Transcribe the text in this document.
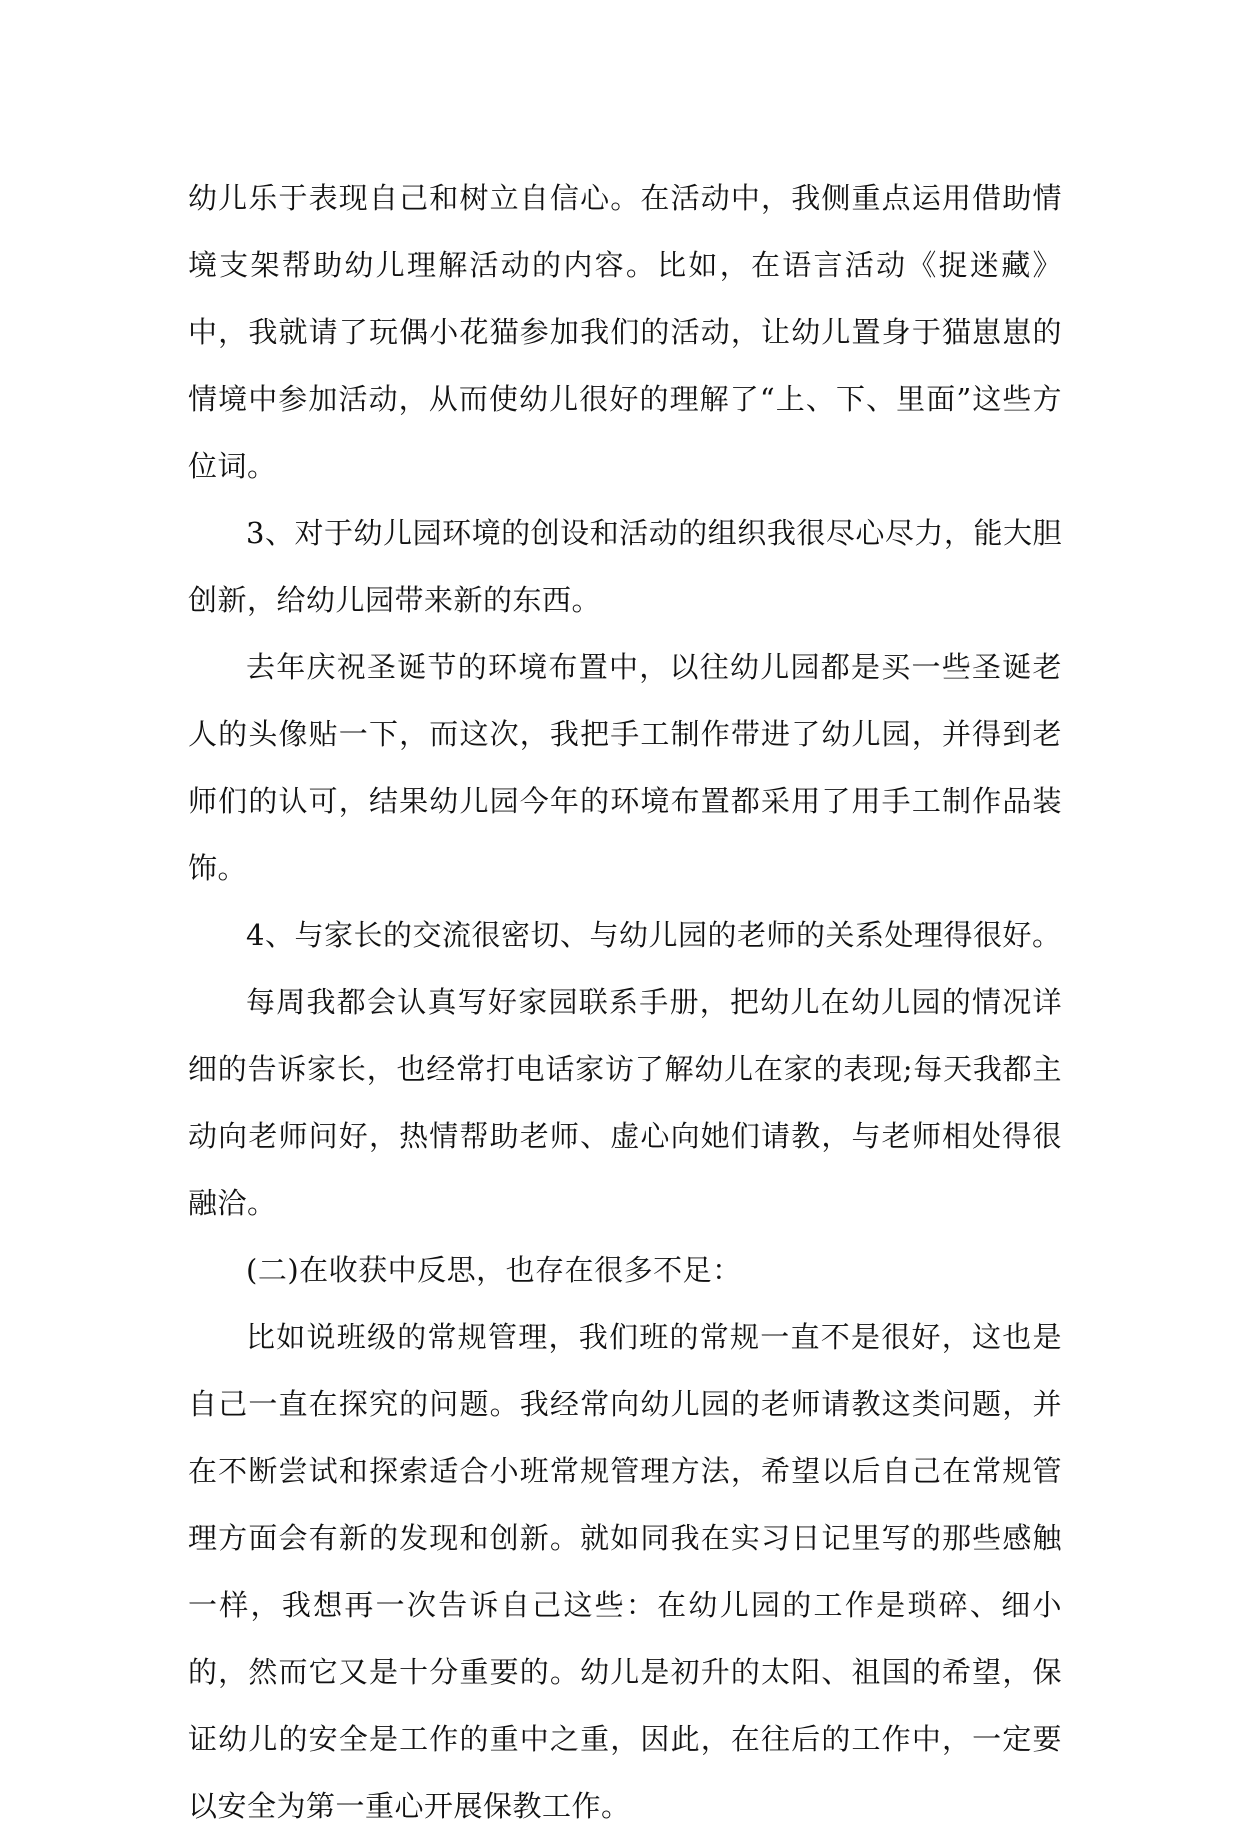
幼儿乐于表现自己和树立自信心。在活动中，我侧重点运用借助情境支架帮助幼儿理解活动的内容。比如，在语言活动《捉迷藏》中，我就请了玩偶小花猫参加我们的活动，让幼儿置身于猫崽崽的情境中参加活动，从而使幼儿很好的理解了“上、下、里面”这些方位词。

3、对于幼儿园环境的创设和活动的组织我很尽心尽力，能大胆创新，给幼儿园带来新的东西。

去年庆祝圣诞节的环境布置中，以往幼儿园都是买一些圣诞老人的头像贴一下，而这次，我把手工制作带进了幼儿园，并得到老师们的认可，结果幼儿园今年的环境布置都采用了用手工制作品装饰。

4、与家长的交流很密切、与幼儿园的老师的关系处理得很好。

每周我都会认真写好家园联系手册，把幼儿在幼儿园的情况详细的告诉家长，也经常打电话家访了解幼儿在家的表现;每天我都主动向老师问好，热情帮助老师、虚心向她们请教，与老师相处得很融洽。

(二)在收获中反思，也存在很多不足：

比如说班级的常规管理，我们班的常规一直不是很好，这也是自己一直在探究的问题。我经常向幼儿园的老师请教这类问题，并在不断尝试和探索适合小班常规管理方法，希望以后自己在常规管理方面会有新的发现和创新。就如同我在实习日记里写的那些感触一样，我想再一次告诉自己这些：在幼儿园的工作是琐碎、细小的，然而它又是十分重要的。幼儿是初升的太阳、祖国的希望，保证幼儿的安全是工作的重中之重，因此，在往后的工作中，一定要以安全为第一重心开展保教工作。
